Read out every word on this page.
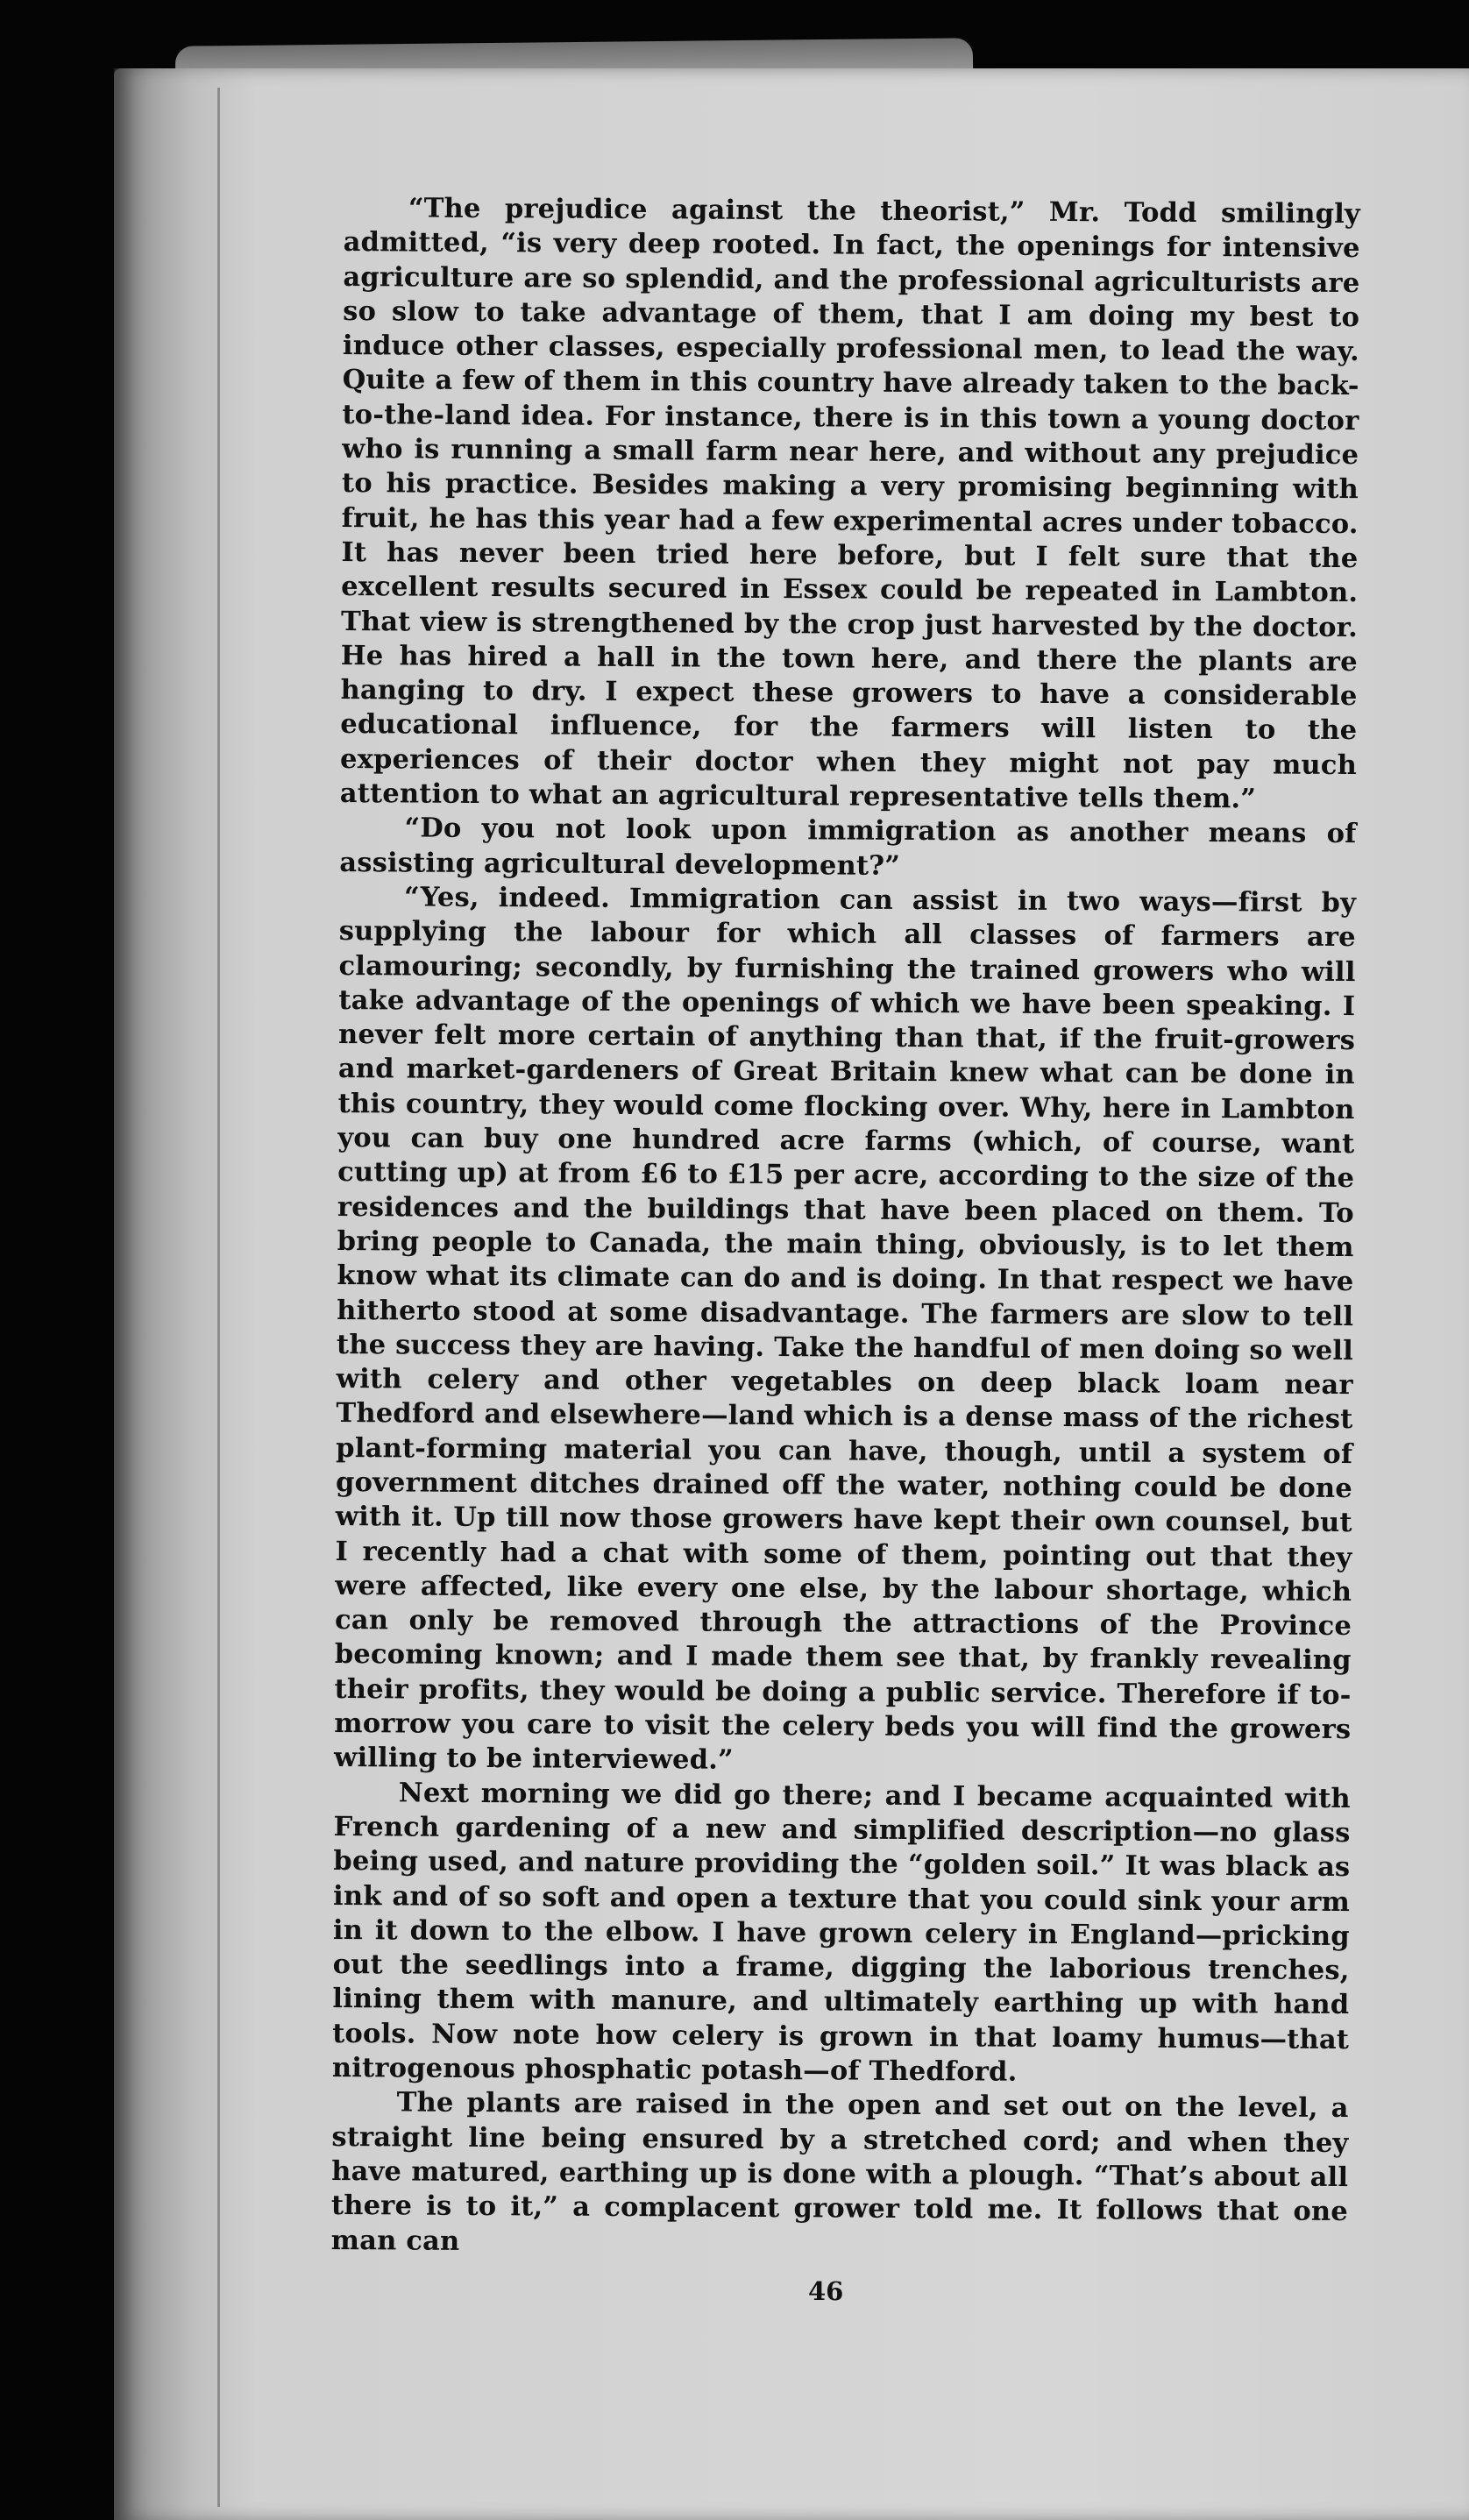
“The prejudice against the theorist,” Mr. Todd smilingly admitted, “is very deep rooted. In fact, the openings for intensive agriculture are so splendid, and the professional agriculturists are so slow to take advantage of them, that I am doing my best to induce other classes, especially professional men, to lead the way. Quite a few of them in this country have already taken to the back-to-the-land idea. For instance, there is in this town a young doctor who is running a small farm near here, and without any prejudice to his practice. Besides making a very promising beginning with fruit, he has this year had a few experimental acres under tobacco. It has never been tried here before, but I felt sure that the excellent results secured in Essex could be repeated in Lambton. That view is strengthened by the crop just harvested by the doctor. He has hired a hall in the town here, and there the plants are hanging to dry. I expect these growers to have a considerable educational influence, for the farmers will listen to the experiences of their doctor when they might not pay much attention to what an agricultural representative tells them.”

“Do you not look upon immigration as another means of assisting agricultural development?”

“Yes, indeed. Immigration can assist in two ways—first by supplying the labour for which all classes of farmers are clamouring; secondly, by furnishing the trained growers who will take advantage of the openings of which we have been speaking. I never felt more certain of anything than that, if the fruit-growers and market-gardeners of Great Britain knew what can be done in this country, they would come flocking over. Why, here in Lambton you can buy one hundred acre farms (which, of course, want cutting up) at from £6 to £15 per acre, according to the size of the residences and the buildings that have been placed on them. To bring people to Canada, the main thing, obviously, is to let them know what its climate can do and is doing. In that respect we have hitherto stood at some disadvantage. The farmers are slow to tell the success they are having. Take the handful of men doing so well with celery and other vegetables on deep black loam near Thedford and elsewhere—land which is a dense mass of the richest plant-forming material you can have, though, until a system of government ditches drained off the water, nothing could be done with it. Up till now those growers have kept their own counsel, but I recently had a chat with some of them, pointing out that they were affected, like every one else, by the labour shortage, which can only be removed through the attractions of the Province becoming known; and I made them see that, by frankly revealing their profits, they would be doing a public service. Therefore if to-morrow you care to visit the celery beds you will find the growers willing to be interviewed.”

Next morning we did go there; and I became acquainted with French gardening of a new and simplified description—no glass being used, and nature providing the “golden soil.” It was black as ink and of so soft and open a texture that you could sink your arm in it down to the elbow. I have grown celery in England—pricking out the seedlings into a frame, digging the laborious trenches, lining them with manure, and ultimately earthing up with hand tools. Now note how celery is grown in that loamy humus—that nitrogenous phosphatic potash—of Thedford.

The plants are raised in the open and set out on the level, a straight line being ensured by a stretched cord; and when they have matured, earthing up is done with a plough. “That’s about all there is to it,” a complacent grower told me. It follows that one man can

46
